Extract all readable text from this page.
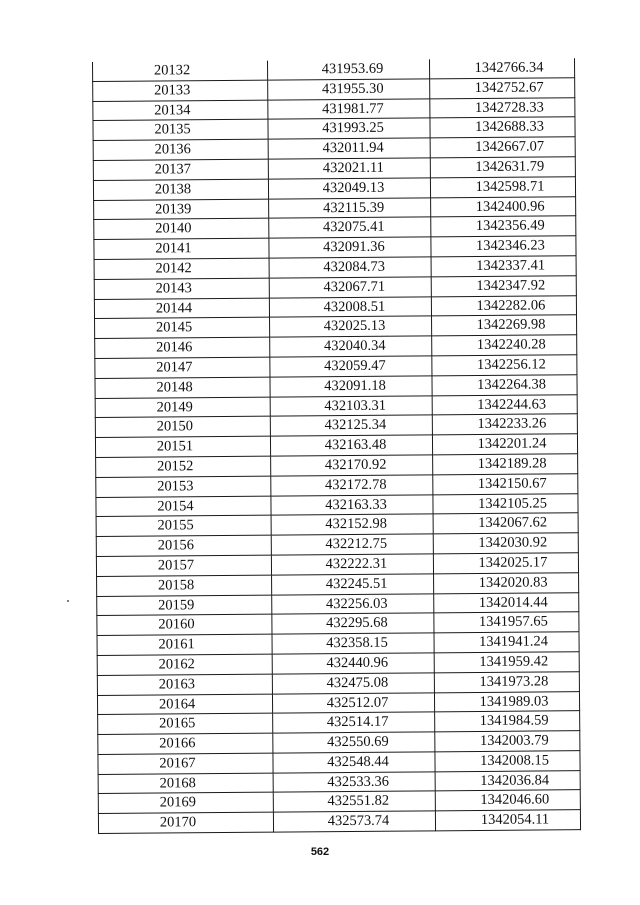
20132	431953.69	1342766.34
20133	431955.30	1342752.67
20134	431981.77	1342728.33
20135	431993.25	1342688.33
20136	432011.94	1342667.07
20137	432021.11	1342631.79
20138	432049.13	1342598.71
20139	432115.39	1342400.96
20140	432075.41	1342356.49
20141	432091.36	1342346.23
20142	432084.73	1342337.41
20143	432067.71	1342347.92
20144	432008.51	1342282.06
20145	432025.13	1342269.98
20146	432040.34	1342240.28
20147	432059.47	1342256.12
20148	432091.18	1342264.38
20149	432103.31	1342244.63
20150	432125.34	1342233.26
20151	432163.48	1342201.24
20152	432170.92	1342189.28
20153	432172.78	1342150.67
20154	432163.33	1342105.25
20155	432152.98	1342067.62
20156	432212.75	1342030.92
20157	432222.31	1342025.17
20158	432245.51	1342020.83
20159	432256.03	1342014.44
20160	432295.68	1341957.65
20161	432358.15	1341941.24
20162	432440.96	1341959.42
20163	432475.08	1341973.28
20164	432512.07	1341989.03
20165	432514.17	1341984.59
20166	432550.69	1342003.79
20167	432548.44	1342008.15
20168	432533.36	1342036.84
20169	432551.82	1342046.60
20170	432573.74	1342054.11
562
